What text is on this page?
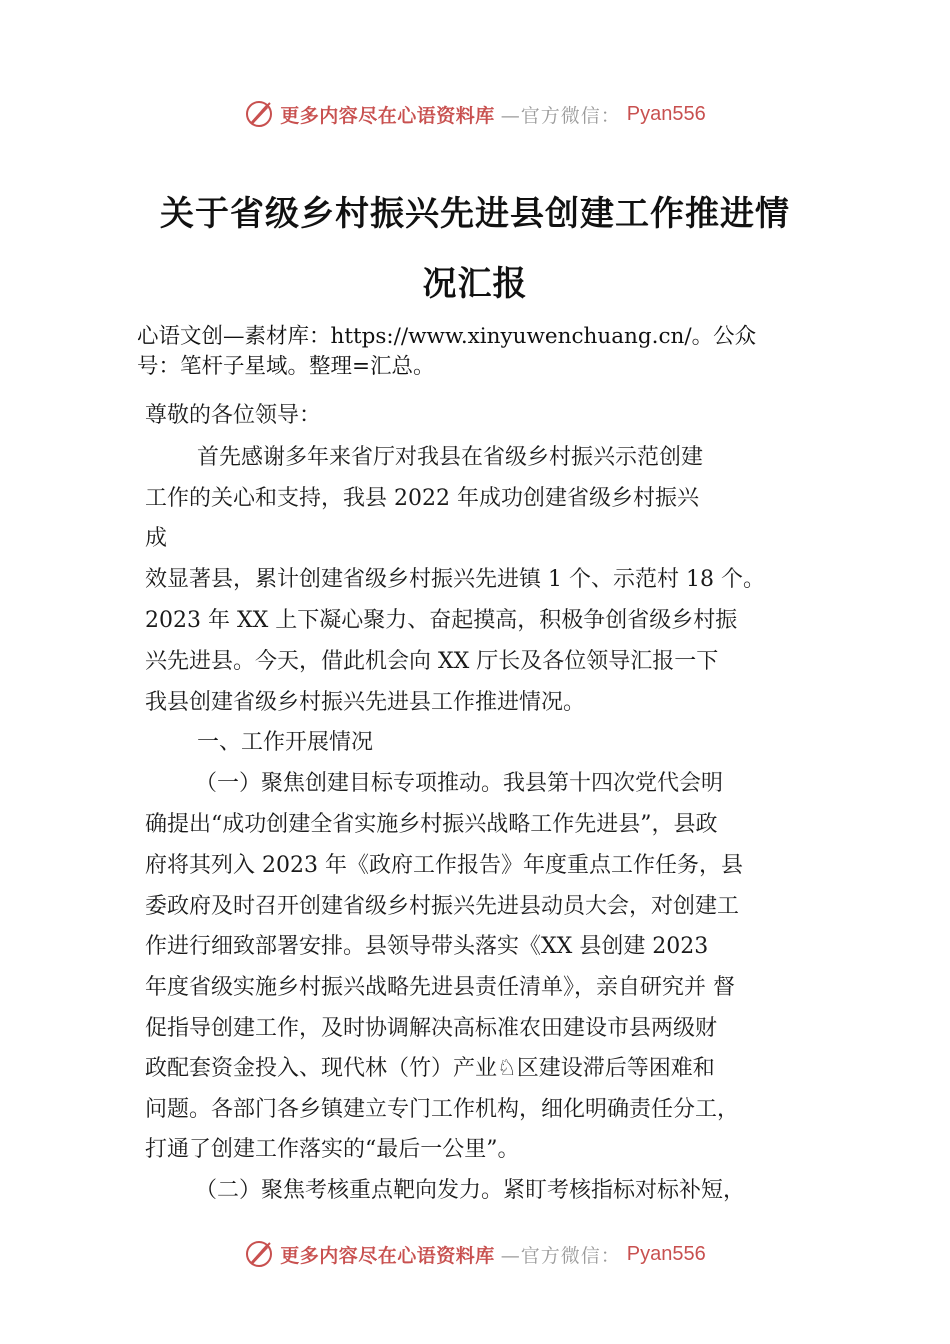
更多内容尽在心语资料库 —官方微信： Pyan556
关于省级乡村振兴先进县创建工作推进情
况汇报
心语文创—素材库：https://www.xinyuwenchuang.cn/。公众
号：笔杆子星域。整理=汇总。
尊敬的各位领导：
首先感谢多年来省厅对我县在省级乡村振兴示范创建
工作的关心和支持，我县 2022 年成功创建省级乡村振兴
成
效显著县，累计创建省级乡村振兴先进镇 1 个、示范村 18 个。
2023 年 XX 上下凝心聚力、奋起摸高，积极争创省级乡村振
兴先进县。今天，借此机会向 XX 厅长及各位领导汇报一下
我县创建省级乡村振兴先进县工作推进情况。
一、工作开展情况
（一）聚焦创建目标专项推动。我县第十四次党代会明
确提出“成功创建全省实施乡村振兴战略工作先进县”，县政
府将其列入 2023 年《政府工作报告》年度重点工作任务，县
委政府及时召开创建省级乡村振兴先进县动员大会，对创建工
作进行细致部署安排。县领导带头落实《XX 县创建 2023
年度省级实施乡村振兴战略先进县责任清单》，亲自研究并 督
促指导创建工作，及时协调解决高标准农田建设市县两级财
政配套资金投入、现代林（竹）产业♘区建设滞后等困难和
问题。各部门各乡镇建立专门工作机构，细化明确责任分工，
打通了创建工作落实的“最后一公里”。
（二）聚焦考核重点靶向发力。紧盯考核指标对标补短，
更多内容尽在心语资料库 —官方微信： Pyan556
